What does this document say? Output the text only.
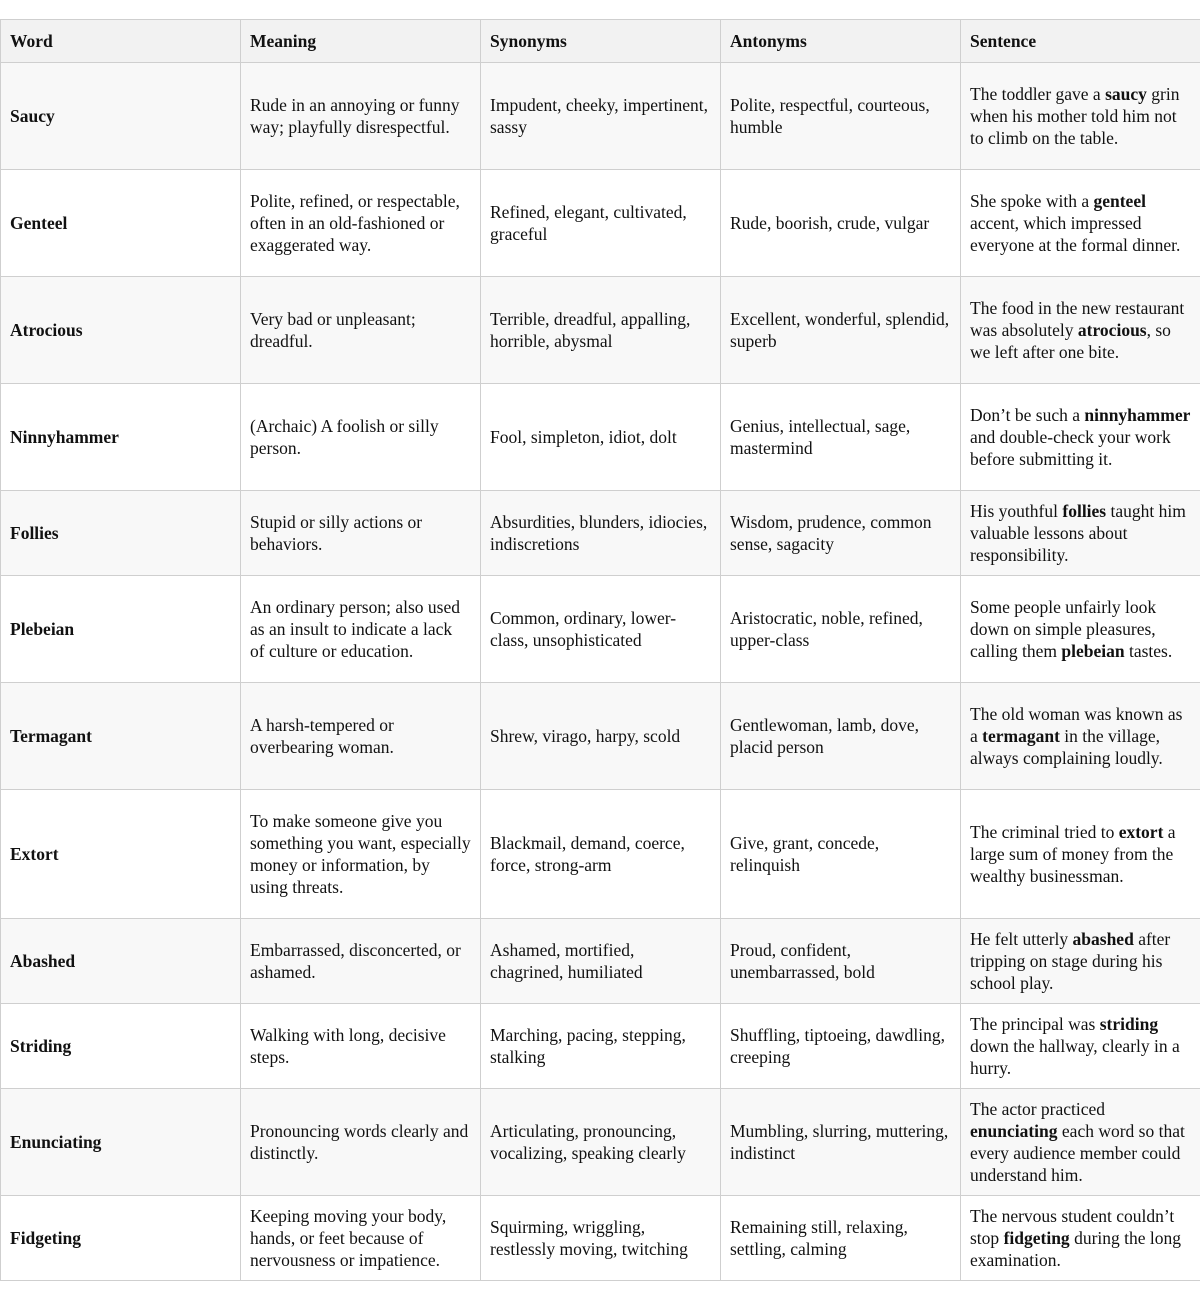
Word	Meaning	Synonyms	Antonyms	Sentence
Saucy	Rude in an annoying or funny way; playfully disrespectful.	Impudent, cheeky, impertinent, sassy	Polite, respectful, courteous, humble	The toddler gave a saucy grin when his mother told him not to climb on the table.
Genteel	Polite, refined, or respectable, often in an old-fashioned or exaggerated way.	Refined, elegant, cultivated, graceful	Rude, boorish, crude, vulgar	She spoke with a genteel accent, which impressed everyone at the formal dinner.
Atrocious	Very bad or unpleasant; dreadful.	Terrible, dreadful, appalling, horrible, abysmal	Excellent, wonderful, splendid, superb	The food in the new restaurant was absolutely atrocious, so we left after one bite.
Ninnyhammer	(Archaic) A foolish or silly person.	Fool, simpleton, idiot, dolt	Genius, intellectual, sage, mastermind	Don’t be such a ninnyhammer and double-check your work before submitting it.
Follies	Stupid or silly actions or behaviors.	Absurdities, blunders, idiocies, indiscretions	Wisdom, prudence, common sense, sagacity	His youthful follies taught him valuable lessons about responsibility.
Plebeian	An ordinary person; also used as an insult to indicate a lack of culture or education.	Common, ordinary, lower-class, unsophisticated	Aristocratic, noble, refined, upper-class	Some people unfairly look down on simple pleasures, calling them plebeian tastes.
Termagant	A harsh-tempered or overbearing woman.	Shrew, virago, harpy, scold	Gentlewoman, lamb, dove, placid person	The old woman was known as a termagant in the village, always complaining loudly.
Extort	To make someone give you something you want, especially money or information, by using threats.	Blackmail, demand, coerce, force, strong-arm	Give, grant, concede, relinquish	The criminal tried to extort a large sum of money from the wealthy businessman.
Abashed	Embarrassed, disconcerted, or ashamed.	Ashamed, mortified, chagrined, humiliated	Proud, confident, unembarrassed, bold	He felt utterly abashed after tripping on stage during his school play.
Striding	Walking with long, decisive steps.	Marching, pacing, stepping, stalking	Shuffling, tiptoeing, dawdling, creeping	The principal was striding down the hallway, clearly in a hurry.
Enunciating	Pronouncing words clearly and distinctly.	Articulating, pronouncing, vocalizing, speaking clearly	Mumbling, slurring, muttering, indistinct	The actor practiced enunciating each word so that every audience member could understand him.
Fidgeting	Keeping moving your body, hands, or feet because of nervousness or impatience.	Squirming, wriggling, restlessly moving, twitching	Remaining still, relaxing, settling, calming	The nervous student couldn’t stop fidgeting during the long examination.
